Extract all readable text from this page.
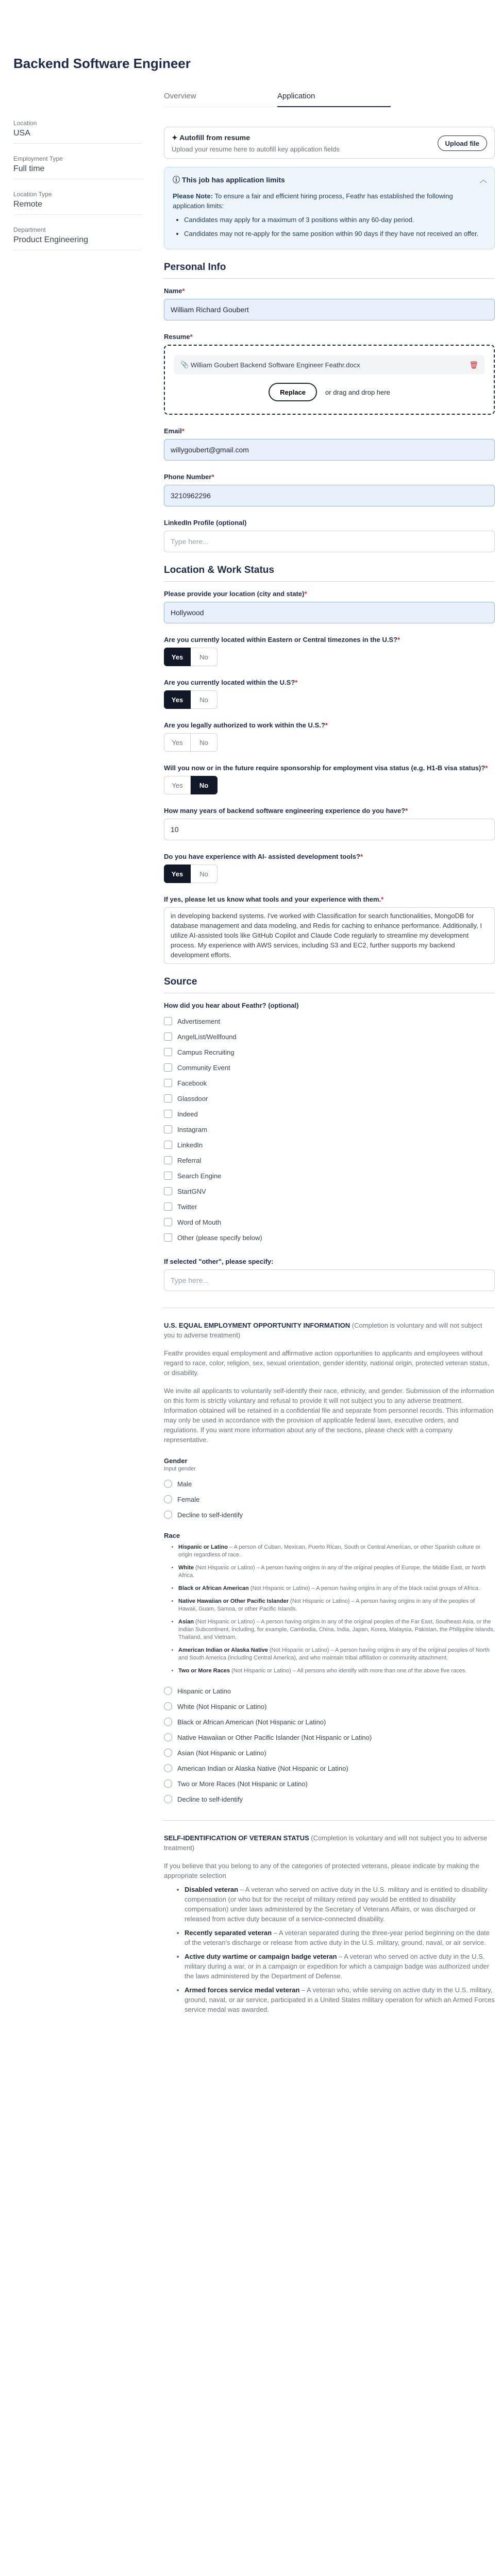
Backend Software Engineer
Overview	Application
Location
USA
Employment Type
Full time
Location Type
Remote
Department
Product Engineering
✦ Autofill from resume
Upload your resume here to autofill key application fields
Upload file
ⓘ This job has application limits	︿
Please Note: To ensure a fair and efficient hiring process, Feathr has established the following application limits:
• Candidates may apply for a maximum of 3 positions within any 60-day period.
• Candidates may not re-apply for the same position within 90 days if they have not received an offer.
Personal Info
Name*
William Richard Goubert
Resume*
📎 William Goubert Backend Software Engineer Feathr.docx	🗑
Replace	or drag and drop here
Email*
willygoubert@gmail.com
Phone Number*
3210962296
LinkedIn Profile (optional)
Type here...
Location & Work Status
Please provide your location (city and state)*
Hollywood
Are you currently located within Eastern or Central timezones in the U.S?*
Yes	No
Are you currently located within the U.S?*
Yes	No
Are you legally authorized to work within the U.S.?*
Yes	No
Will you now or in the future require sponsorship for employment visa status (e.g. H1-B visa status)?*
Yes	No
How many years of backend software engineering experience do you have?*
10
Do you have experience with AI- assisted development tools?*
Yes	No
If yes, please let us know what tools and your experience with them.*
in developing backend systems. I've worked with ClassificatIon for search functionalities, MongoDB for database management and data modeling, and Redis for caching to enhance performance. Additionally, I utilize AI-assisted tools like GitHub Copilot and Claude Code regularly to streamline my development process. My experience with AWS services, including S3 and EC2, further supports my backend development efforts.
Source
How did you hear about Feathr? (optional)
Advertisement
AngelList/Wellfound
Campus Recruiting
Community Event
Facebook
Glassdoor
Indeed
Instagram
LinkedIn
Referral
Search Engine
StartGNV
Twitter
Word of Mouth
Other (please specify below)
If selected "other", please specify:
Type here...
U.S. EQUAL EMPLOYMENT OPPORTUNITY INFORMATION (Completion is voluntary and will not subject you to adverse treatment)
Feathr provides equal employment and affirmative action opportunities to applicants and employees without regard to race, color, religion, sex, sexual orientation, gender identity, national origin, protected veteran status, or disability.
We invite all applicants to voluntarily self-identify their race, ethnicity, and gender. Submission of the information on this form is strictly voluntary and refusal to provide it will not subject you to any adverse treatment. Information obtained will be retained in a confidential file and separate from personnel records. This information may only be used in accordance with the provision of applicable federal laws, executive orders, and regulations. If you want more information about any of the sections, please check with a company representative.
Gender
Input gender
Male
Female
Decline to self-identify
Race
• Hispanic or Latino – A person of Cuban, Mexican, Puerto Rican, South or Central American, or other Spanish culture or origin regardless of race.
• White (Not Hispanic or Latino) – A person having origins in any of the original peoples of Europe, the Middle East, or North Africa.
• Black or African American (Not Hispanic or Latino) – A person having origins in any of the black racial groups of Africa.
• Native Hawaiian or Other Pacific Islander (Not Hispanic or Latino) – A person having origins in any of the peoples of Hawaii, Guam, Samoa, or other Pacific Islands.
• Asian (Not Hispanic or Latino) – A person having origins in any of the original peoples of the Far East, Southeast Asia, or the Indian Subcontinent, including, for example, Cambodia, China, India, Japan, Korea, Malaysia, Pakistan, the Philippine Islands, Thailand, and Vietnam.
• American Indian or Alaska Native (Not Hispanic or Latino) – A person having origins in any of the original peoples of North and South America (including Central America), and who maintain tribal affiliation or community attachment.
• Two or More Races (Not Hispanic or Latino) – All persons who identify with more than one of the above five races.
Hispanic or Latino
White (Not Hispanic or Latino)
Black or African American (Not Hispanic or Latino)
Native Hawaiian or Other Pacific Islander (Not Hispanic or Latino)
Asian (Not Hispanic or Latino)
American Indian or Alaska Native (Not Hispanic or Latino)
Two or More Races (Not Hispanic or Latino)
Decline to self-identify
SELF-IDENTIFICATION OF VETERAN STATUS (Completion is voluntary and will not subject you to adverse treatment)
If you believe that you belong to any of the categories of protected veterans, please indicate by making the appropriate selection
• Disabled veteran – A veteran who served on active duty in the U.S. military and is entitled to disability compensation (or who but for the receipt of military retired pay would be entitled to disability compensation) under laws administered by the Secretary of Veterans Affairs, or was discharged or released from active duty because of a service-connected disability.
• Recently separated veteran – A veteran separated during the three-year period beginning on the date of the veteran's discharge or release from active duty in the U.S. military, ground, naval, or air service.
• Active duty wartime or campaign badge veteran – A veteran who served on active duty in the U.S. military during a war, or in a campaign or expedition for which a campaign badge was authorized under the laws administered by the Department of Defense.
• Armed forces service medal veteran – A veteran who, while serving on active duty in the U.S. military, ground, naval, or air service, participated in a United States military operation for which an Armed Forces service medal was awarded.
